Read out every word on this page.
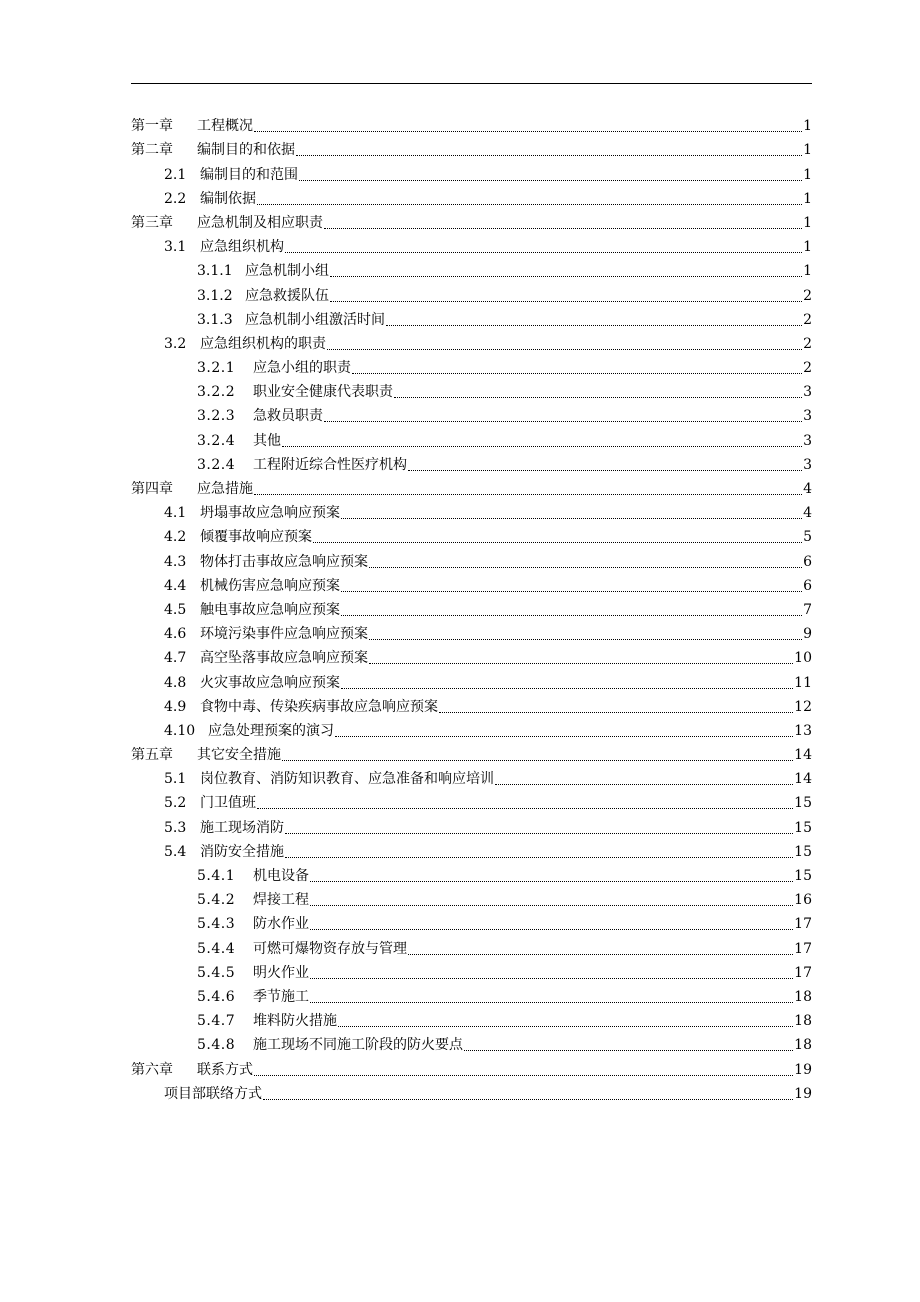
第一章	工程概况	1
第二章	编制目的和依据	1
2.1 编制目的和范围	1
2.2 编制依据	1
第三章	应急机制及相应职责	1
3.1 应急组织机构	1
3.1.1 应急机制小组	1
3.1.2 应急救援队伍	2
3.1.3 应急机制小组激活时间	2
3.2 应急组织机构的职责	2
3.2.1	应急小组的职责	2
3.2.2	职业安全健康代表职责	3
3.2.3	急救员职责	3
3.2.4	其他	3
3.2.4	工程附近综合性医疗机构	3
第四章	应急措施	4
4.1 坍塌事故应急响应预案	4
4.2 倾覆事故响应预案	5
4.3 物体打击事故应急响应预案	6
4.4 机械伤害应急响应预案	6
4.5 触电事故应急响应预案	7
4.6 环境污染事件应急响应预案	9
4.7 高空坠落事故应急响应预案	10
4.8 火灾事故应急响应预案	11
4.9 食物中毒、传染疾病事故应急响应预案	12
4.10 应急处理预案的演习	13
第五章	其它安全措施	14
5.1 岗位教育、消防知识教育、应急准备和响应培训	14
5.2 门卫值班	15
5.3 施工现场消防	15
5.4 消防安全措施	15
5.4.1	机电设备	15
5.4.2	焊接工程	16
5.4.3	防水作业	17
5.4.4	可燃可爆物资存放与管理	17
5.4.5	明火作业	17
5.4.6	季节施工	18
5.4.7	堆料防火措施	18
5.4.8	施工现场不同施工阶段的防火要点	18
第六章	联系方式	19
项目部联络方式	19
